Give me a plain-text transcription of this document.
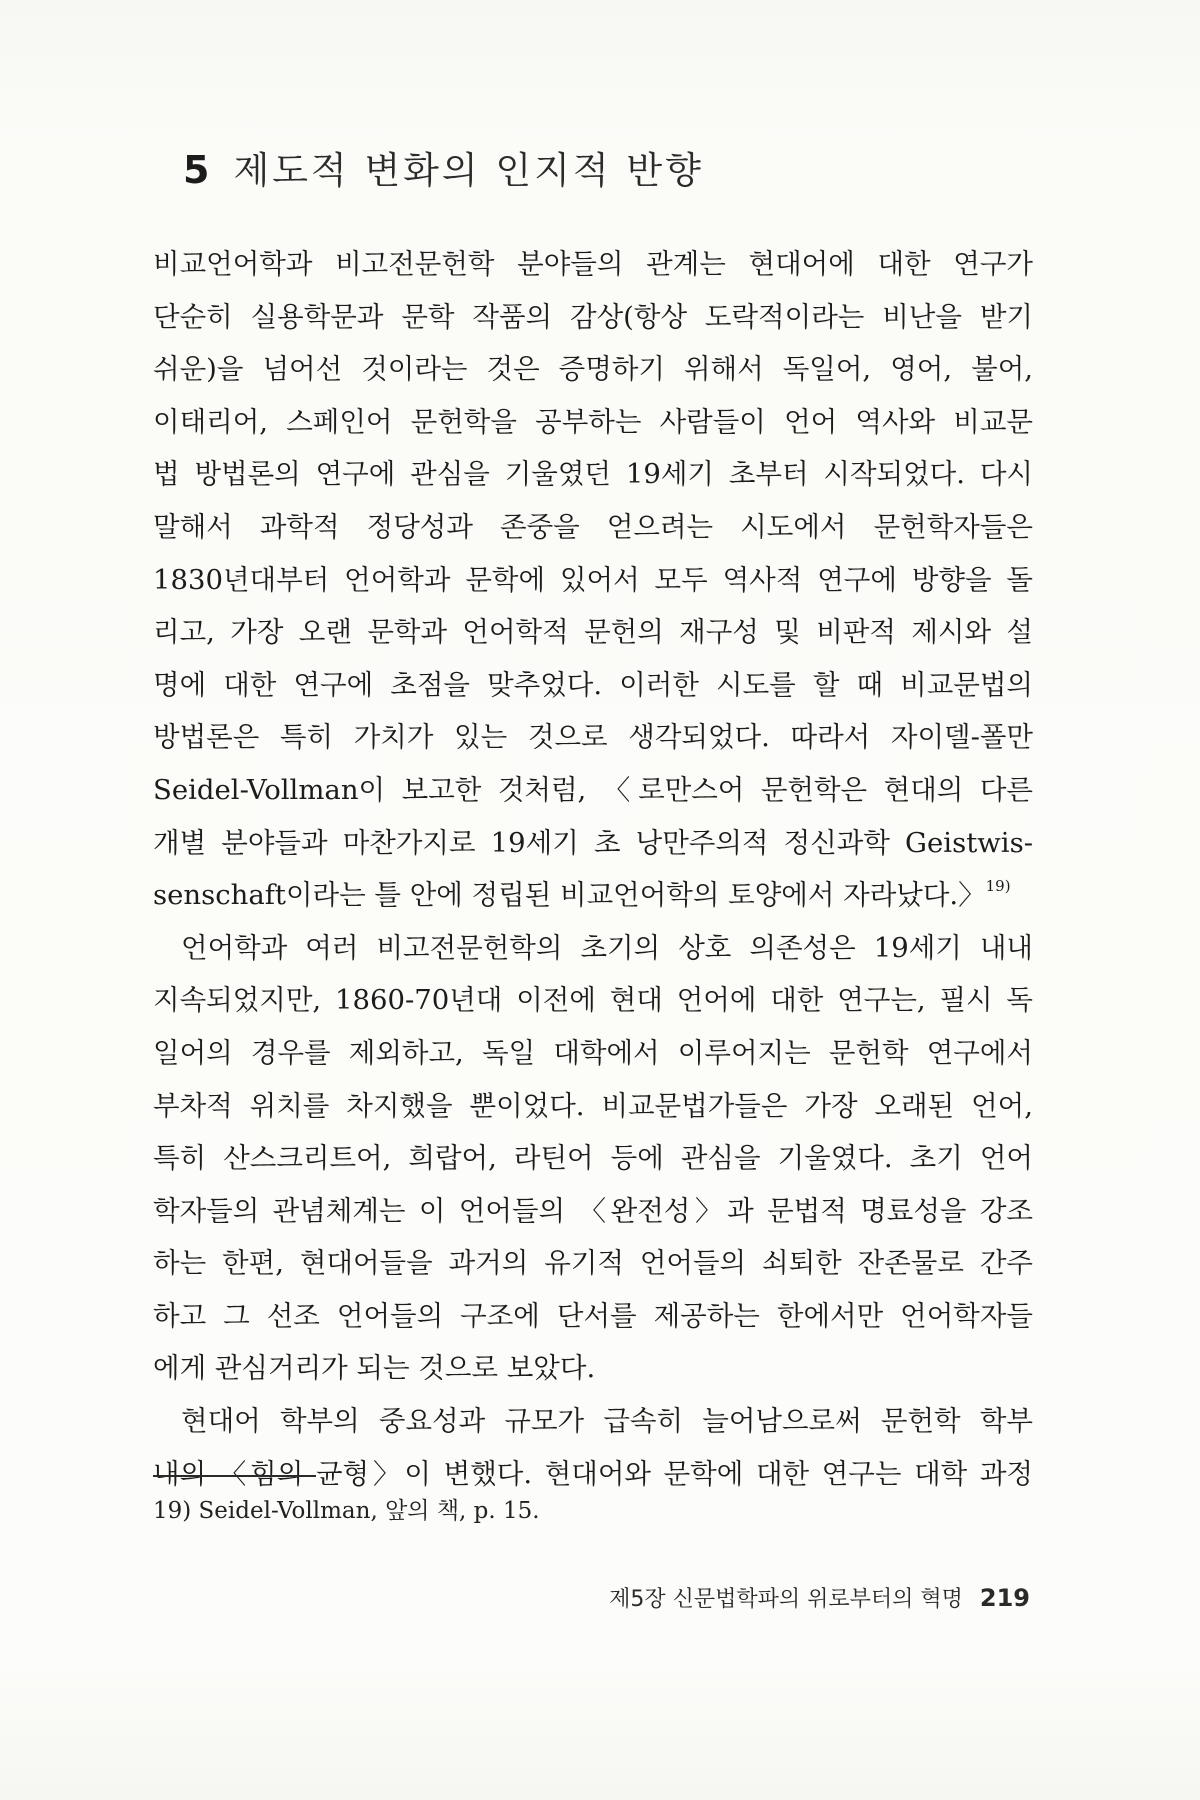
5 제도적 변화의 인지적 반향
비교언어학과 비고전문헌학 분야들의 관계는 현대어에 대한 연구가
단순히 실용학문과 문학 작품의 감상(항상 도락적이라는 비난을 받기
쉬운)을 넘어선 것이라는 것은 증명하기 위해서 독일어, 영어, 불어,
이태리어, 스페인어 문헌학을 공부하는 사람들이 언어 역사와 비교문
법 방법론의 연구에 관심을 기울였던 19세기 초부터 시작되었다. 다시
말해서 과학적 정당성과 존중을 얻으려는 시도에서 문헌학자들은
1830년대부터 언어학과 문학에 있어서 모두 역사적 연구에 방향을 돌
리고, 가장 오랜 문학과 언어학적 문헌의 재구성 및 비판적 제시와 설
명에 대한 연구에 초점을 맞추었다. 이러한 시도를 할 때 비교문법의
방법론은 특히 가치가 있는 것으로 생각되었다. 따라서 자이델-폴만
Seidel-Vollman이 보고한 것처럼, 〈로만스어 문헌학은 현대의 다른
개별 분야들과 마찬가지로 19세기 초 낭만주의적 정신과학 Geistwis-
senschaft이라는 틀 안에 정립된 비교언어학의 토양에서 자라났다.〉$^{19)}$
언어학과 여러 비고전문헌학의 초기의 상호 의존성은 19세기 내내
지속되었지만, 1860-70년대 이전에 현대 언어에 대한 연구는, 필시 독
일어의 경우를 제외하고, 독일 대학에서 이루어지는 문헌학 연구에서
부차적 위치를 차지했을 뿐이었다. 비교문법가들은 가장 오래된 언어,
특히 산스크리트어, 희랍어, 라틴어 등에 관심을 기울였다. 초기 언어
학자들의 관념체계는 이 언어들의 〈완전성〉과 문법적 명료성을 강조
하는 한편, 현대어들을 과거의 유기적 언어들의 쇠퇴한 잔존물로 간주
하고 그 선조 언어들의 구조에 단서를 제공하는 한에서만 언어학자들
에게 관심거리가 되는 것으로 보았다.
현대어 학부의 중요성과 규모가 급속히 늘어남으로써 문헌학 학부
내의 〈힘의 균형〉이 변했다. 현대어와 문학에 대한 연구는 대학 과정
19) Seidel-Vollman, 앞의 책, p. 15.
제5장 신문법학파의 위로부터의 혁명 219
